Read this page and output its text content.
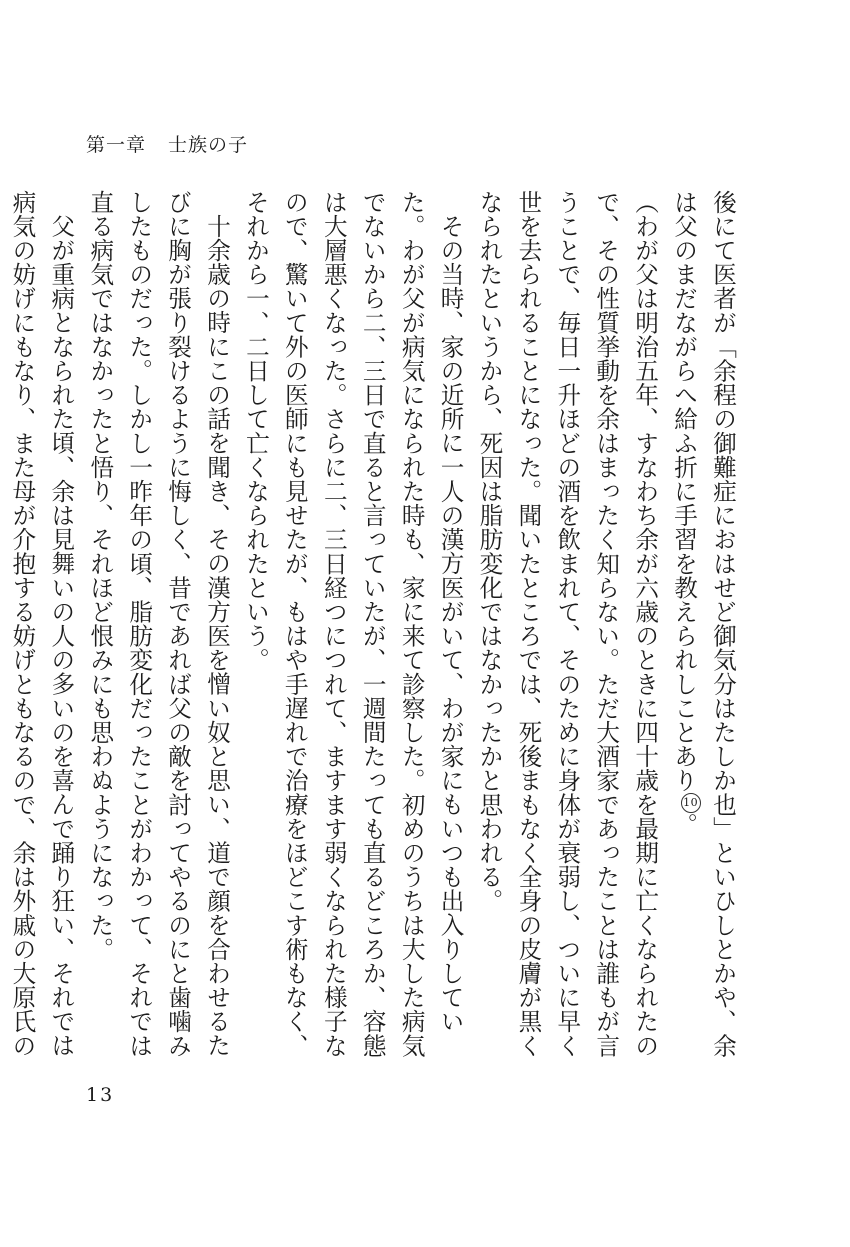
第一章 士族の子

後にて医者が「余程の御難症におはせど御気分はたしか也」といひしとかや、余は父のまだながらへ給ふ折に手習を教えられしことあり10。

（わが父は明治五年、すなわち余が六歳のときに四十歳を最期に亡くなられたので、その性質挙動を余はまったく知らない。ただ大酒家であったことは誰もが言うことで、毎日一升ほどの酒を飲まれて、そのために身体が衰弱し、ついに早く世を去られることになった。聞いたところでは、死後まもなく全身の皮膚が黒くなられたというから、死因は脂肪変化ではなかったかと思われる。

その当時、家の近所に一人の漢方医がいて、わが家にもいつも出入りしていた。わが父が病気になられた時も、家に来て診察した。初めのうちは大した病気でないから二、三日で直ると言っていたが、一週間たっても直るどころか、容態は大層悪くなった。さらに二、三日経つにつれて、ますます弱くなられた様子なので、驚いて外の医師にも見せたが、もはや手遅れで治療をほどこす術もなく、それから一、二日して亡くなられたという。

十余歳の時にこの話を聞き、その漢方医を憎い奴と思い、道で顔を合わせるたびに胸が張り裂けるように悔しく、昔であれば父の敵を討ってやるのにと歯噛みしたものだった。しかし一昨年の頃、脂肪変化だったことがわかって、それでは直る病気ではなかったと悟り、それほど恨みにも思わぬようになった。

父が重病となられた頃、余は見舞いの人の多いのを喜んで踊り狂い、それでは病気の妨げにもなり、また母が介抱する妨げともなるので、余は外戚の大原氏の

13
